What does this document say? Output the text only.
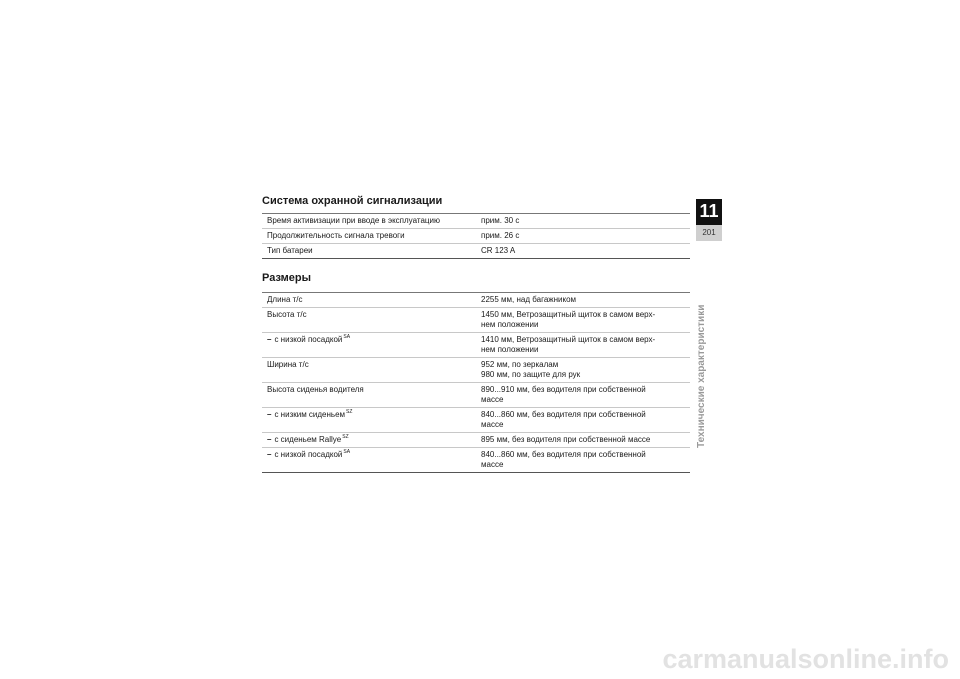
Система охранной сигнализации
Время активизации при вводе в эксплуатацию	прим. 30 с
Продолжительность сигнала тревоги	прим. 26 с
Тип батареи	CR 123 A
Размеры
Длина т/с	2255 мм, над багажником

Высота т/с	1450 мм, Ветрозащитный щиток в самом верх-
нем положении

– с низкой посадкой$^{SA}$	1410 мм, Ветрозащитный щиток в самом верх-
нем положении

Ширина т/с	952 мм, по зеркалам
980 мм, по защите для рук

Высота сиденья водителя	890...910 мм, без водителя при собственной
массе

– с низким сиденьем$^{SZ}$	840...860 мм, без водителя при собственной
массе

– с сиденьем Rallye$^{SZ}$	895 мм, без водителя при собственной массе

– с низкой посадкой$^{SA}$	840...860 мм, без водителя при собственной
массе
11
201
Технические характеристики
carmanualsonline.info
